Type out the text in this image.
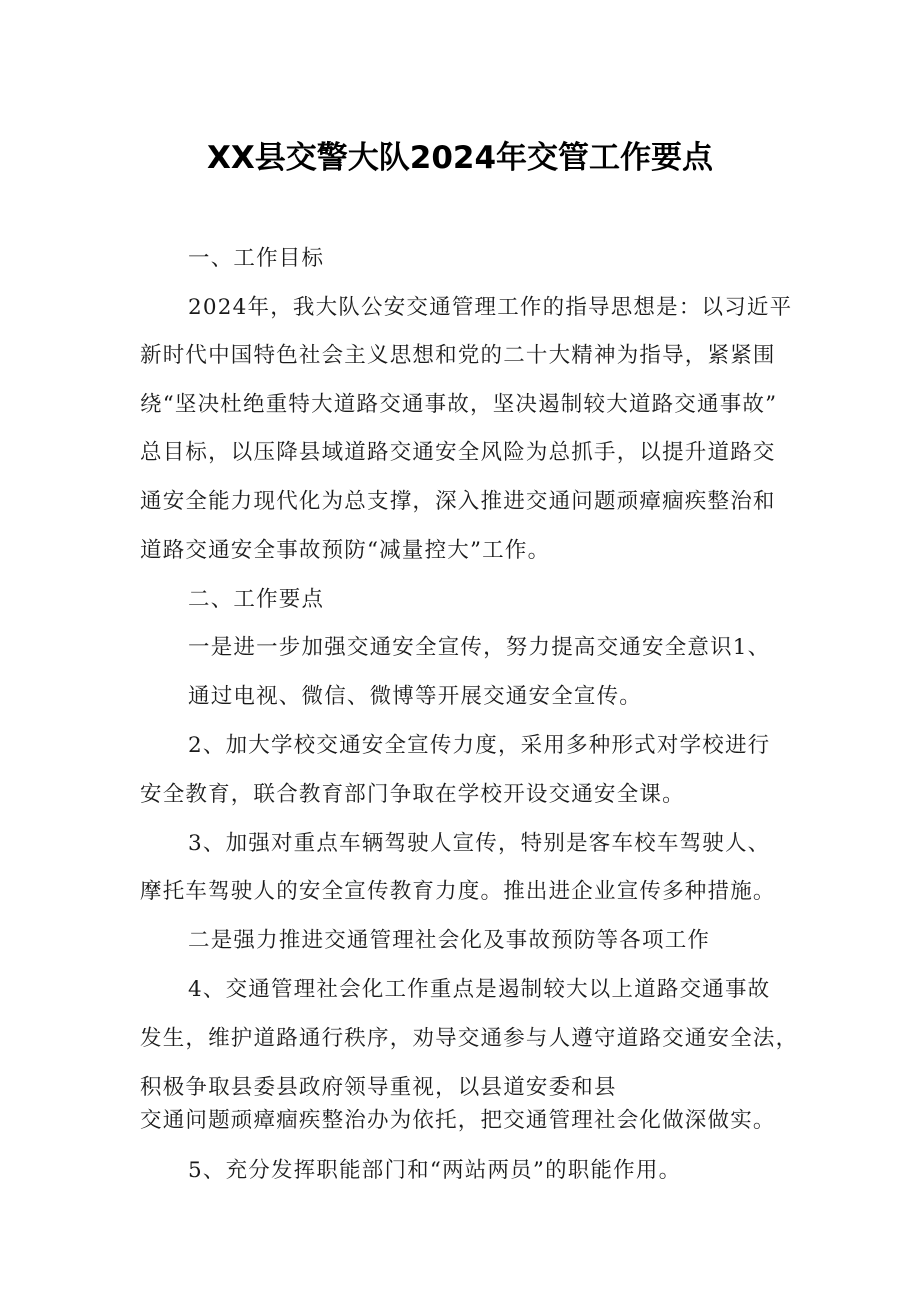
XX县交警大队2024年交管工作要点
一、工作目标
2024年，我大队公安交通管理工作的指导思想是：以习近平
新时代中国特色社会主义思想和党的二十大精神为指导，紧紧围
绕“坚决杜绝重特大道路交通事故，坚决遏制较大道路交通事故”
总目标，以压降县域道路交通安全风险为总抓手，以提升道路交
通安全能力现代化为总支撑，深入推进交通问题顽瘴痼疾整治和
道路交通安全事故预防“减量控大”工作。
二、工作要点
一是进一步加强交通安全宣传，努力提高交通安全意识1、
通过电视、微信、微博等开展交通安全宣传。
2、加大学校交通安全宣传力度，采用多种形式对学校进行
安全教育，联合教育部门争取在学校开设交通安全课。
3、加强对重点车辆驾驶人宣传，特别是客车校车驾驶人、
摩托车驾驶人的安全宣传教育力度。推出进企业宣传多种措施。
二是强力推进交通管理社会化及事故预防等各项工作
4、交通管理社会化工作重点是遏制较大以上道路交通事故
发生，维护道路通行秩序，劝导交通参与人遵守道路交通安全法，
积极争取县委县政府领导重视，以县道安委和县
交通问题顽瘴痼疾整治办为依托，把交通管理社会化做深做实。
5、充分发挥职能部门和“两站两员”的职能作用。
